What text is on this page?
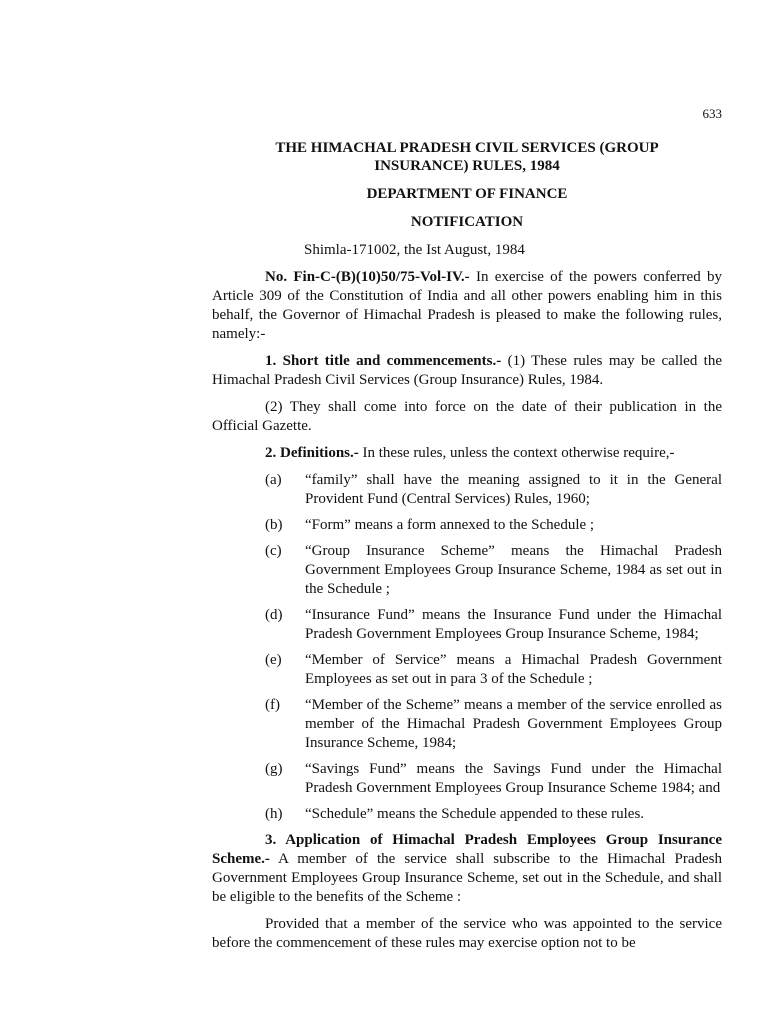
633
THE HIMACHAL PRADESH CIVIL SERVICES (GROUP
INSURANCE) RULES, 1984
DEPARTMENT OF FINANCE
NOTIFICATION
Shimla-171002, the Ist August, 1984

No. Fin-C-(B)(10)50/75-Vol-IV.- In exercise of the powers conferred by Article 309 of the Constitution of India and all other powers enabling him in this behalf, the Governor of Himachal Pradesh is pleased to make the following rules, namely:-

1. Short title and commencements.- (1) These rules may be called the Himachal Pradesh Civil Services (Group Insurance) Rules, 1984.

(2) They shall come into force on the date of their publication in the Official Gazette.

2. Definitions.- In these rules, unless the context otherwise require,-

(a)	“family” shall have the meaning assigned to it in the General Provident Fund (Central Services) Rules, 1960;
(b)	“Form” means a form annexed to the Schedule ;
(c)	“Group Insurance Scheme” means the Himachal Pradesh Government Employees Group Insurance Scheme, 1984 as set out in the Schedule ;
(d)	“Insurance Fund” means the Insurance Fund under the Himachal Pradesh Government Employees Group Insurance Scheme, 1984;
(e)	“Member of Service” means a Himachal Pradesh Government Employees as set out in para 3 of the Schedule ;
(f)	“Member of the Scheme” means a member of the service enrolled as member of the Himachal Pradesh Government Employees Group Insurance Scheme, 1984;
(g)	“Savings Fund” means the Savings Fund under the Himachal Pradesh Government Employees Group Insurance Scheme 1984; and
(h)	“Schedule” means the Schedule appended to these rules.

3. Application of Himachal Pradesh Employees Group Insurance Scheme.- A member of the service shall subscribe to the Himachal Pradesh Government Employees Group Insurance Scheme, set out in the Schedule, and shall be eligible to the benefits of the Scheme :

Provided that a member of the service who was appointed to the service before the commencement of these rules may exercise option not to be
